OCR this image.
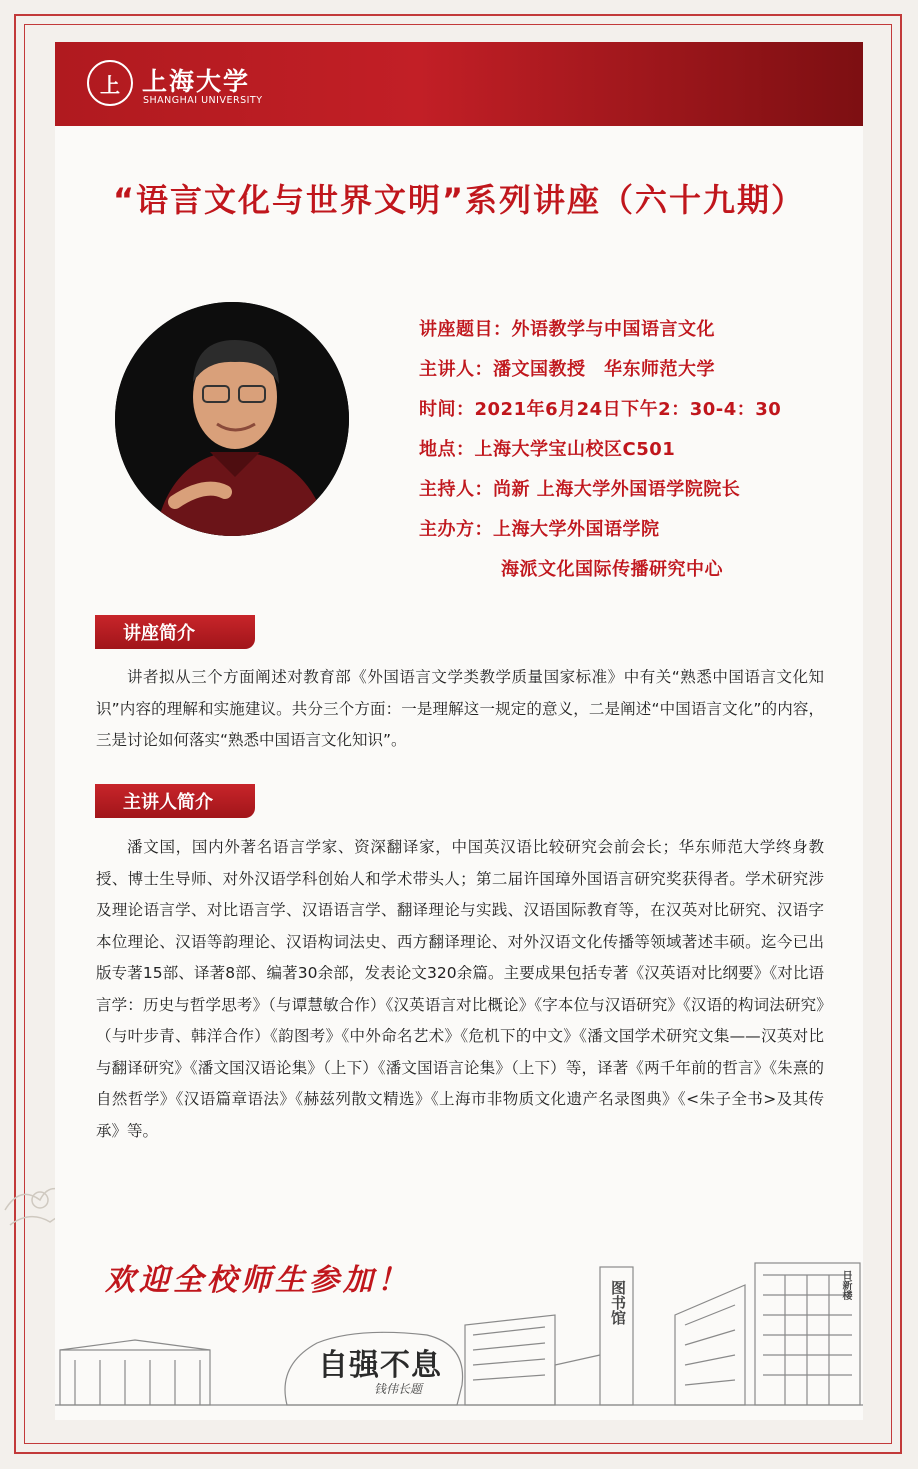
上 上海大学
SHANGHAI UNIVERSITY
“语言文化与世界文明”系列讲座（六十九期）
讲座题目：外语教学与中国语言文化
主讲人：潘文国教授　华东师范大学
时间：2021年6月24日下午2：30-4：30
地点：上海大学宝山校区C501
主持人：尚新 上海大学外国语学院院长
主办方：上海大学外国语学院
海派文化国际传播研究中心
讲座简介
讲者拟从三个方面阐述对教育部《外国语言文学类教学质量国家标准》中有关“熟悉中国语言文化知识”内容的理解和实施建议。共分三个方面：一是理解这一规定的意义，二是阐述“中国语言文化”的内容，三是讨论如何落实“熟悉中国语言文化知识”。
主讲人简介
潘文国，国内外著名语言学家、资深翻译家，中国英汉语比较研究会前会长；华东师范大学终身教授、博士生导师、对外汉语学科创始人和学术带头人；第二届许国璋外国语言研究奖获得者。学术研究涉及理论语言学、对比语言学、汉语语言学、翻译理论与实践、汉语国际教育等，在汉英对比研究、汉语字本位理论、汉语等韵理论、汉语构词法史、西方翻译理论、对外汉语文化传播等领域著述丰硕。迄今已出版专著15部、译著8部、编著30余部，发表论文320余篇。主要成果包括专著《汉英语对比纲要》《对比语言学：历史与哲学思考》（与谭慧敏合作）《汉英语言对比概论》《字本位与汉语研究》《汉语的构词法研究》（与叶步青、韩洋合作）《韵图考》《中外命名艺术》《危机下的中文》《潘文国学术研究文集——汉英对比与翻译研究》《潘文国汉语论集》（上下）《潘文国语言论集》（上下）等，译著《两千年前的哲言》《朱熹的自然哲学》《汉语篇章语法》《赫兹列散文精选》《上海市非物质文化遗产名录图典》《<朱子全书>及其传承》等。
欢迎全校师生参加！
自强不息
钱伟长题
图书馆	日新楼
